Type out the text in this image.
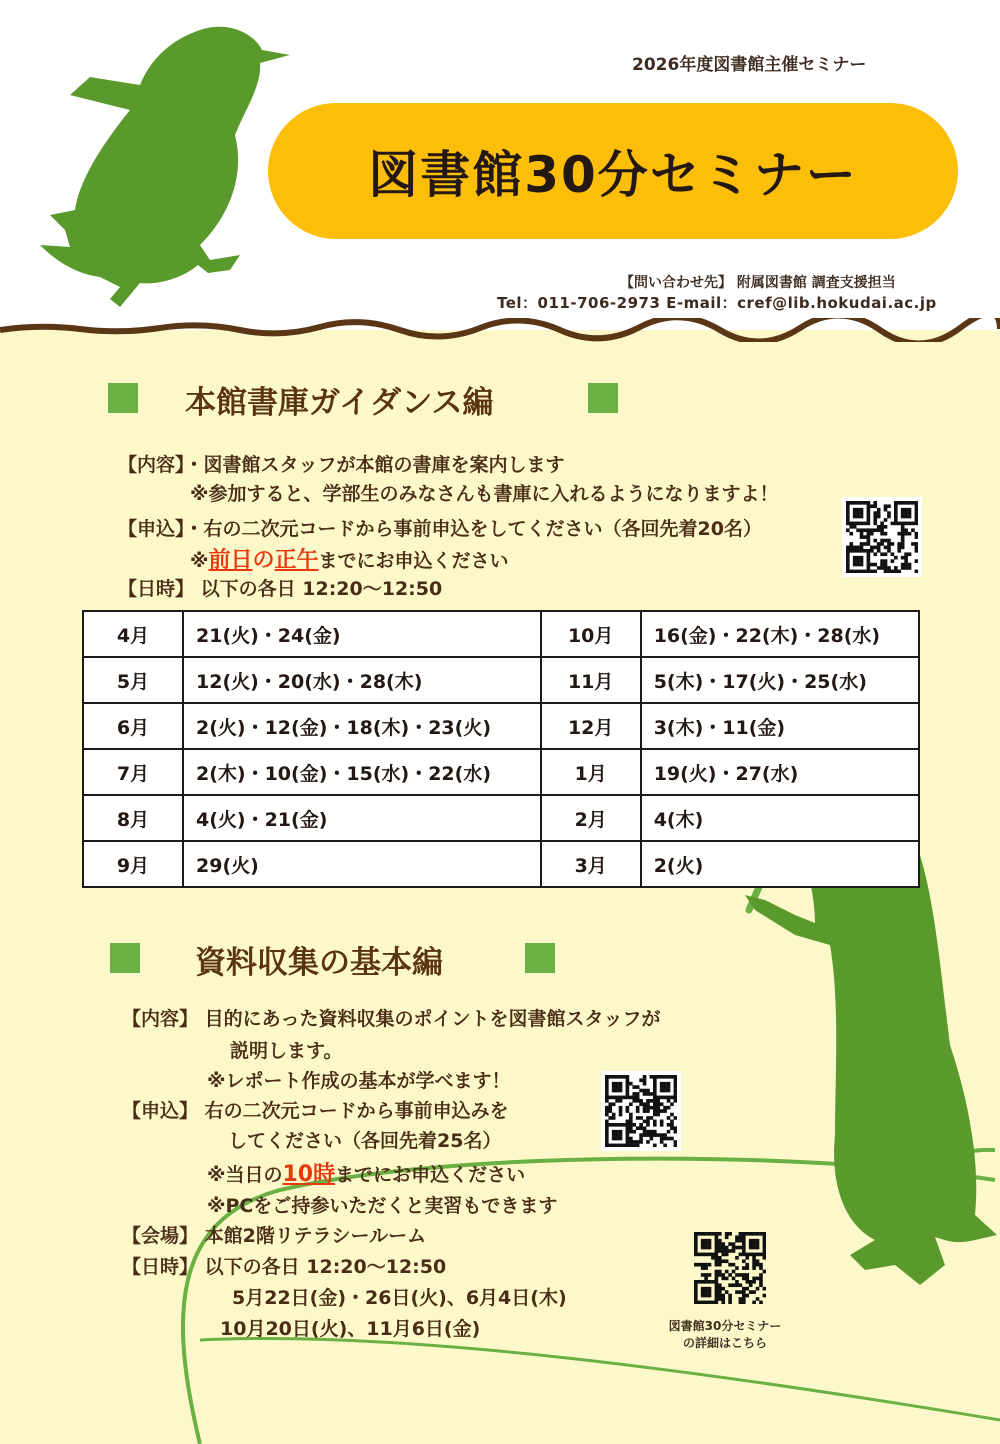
2026年度図書館主催セミナー
図書館30分セミナー
【問い合わせ先】 附属図書館 調査支援担当
Tel：011-706-2973 E-mail：cref@lib.hokudai.ac.jp
本館書庫ガイダンス編
【内容】・図書館スタッフが本館の書庫を案内します
※参加すると、学部生のみなさんも書庫に入れるようになりますよ！
【申込】・右の二次元コードから事前申込をしてください（各回先着20名）
※前日の正午までにお申込ください
【日時】 以下の各日 12:20〜12:50
4月	21(火)・24(金)	10月	16(金)・22(木)・28(水)
5月	12(火)・20(水)・28(木)	11月	5(木)・17(火)・25(水)
6月	2(火)・12(金)・18(木)・23(火)	12月	3(木)・11(金)
7月	2(木)・10(金)・15(水)・22(水)	1月	19(火)・27(水)
8月	4(火)・21(金)	2月	4(木)
9月	29(火)	3月	2(火)
資料収集の基本編
【内容】 目的にあった資料収集のポイントを図書館スタッフが
説明します。
※レポート作成の基本が学べます！
【申込】 右の二次元コードから事前申込みを
してください（各回先着25名）
※当日の10時までにお申込ください
※PCをご持参いただくと実習もできます
【会場】 本館2階リテラシールーム
【日時】 以下の各日 12:20〜12:50
5月22日(金)・26日(火)、6月4日(木)
10月20日(火)、11月6日(金)	図書館30分セミナー
の詳細はこちら
